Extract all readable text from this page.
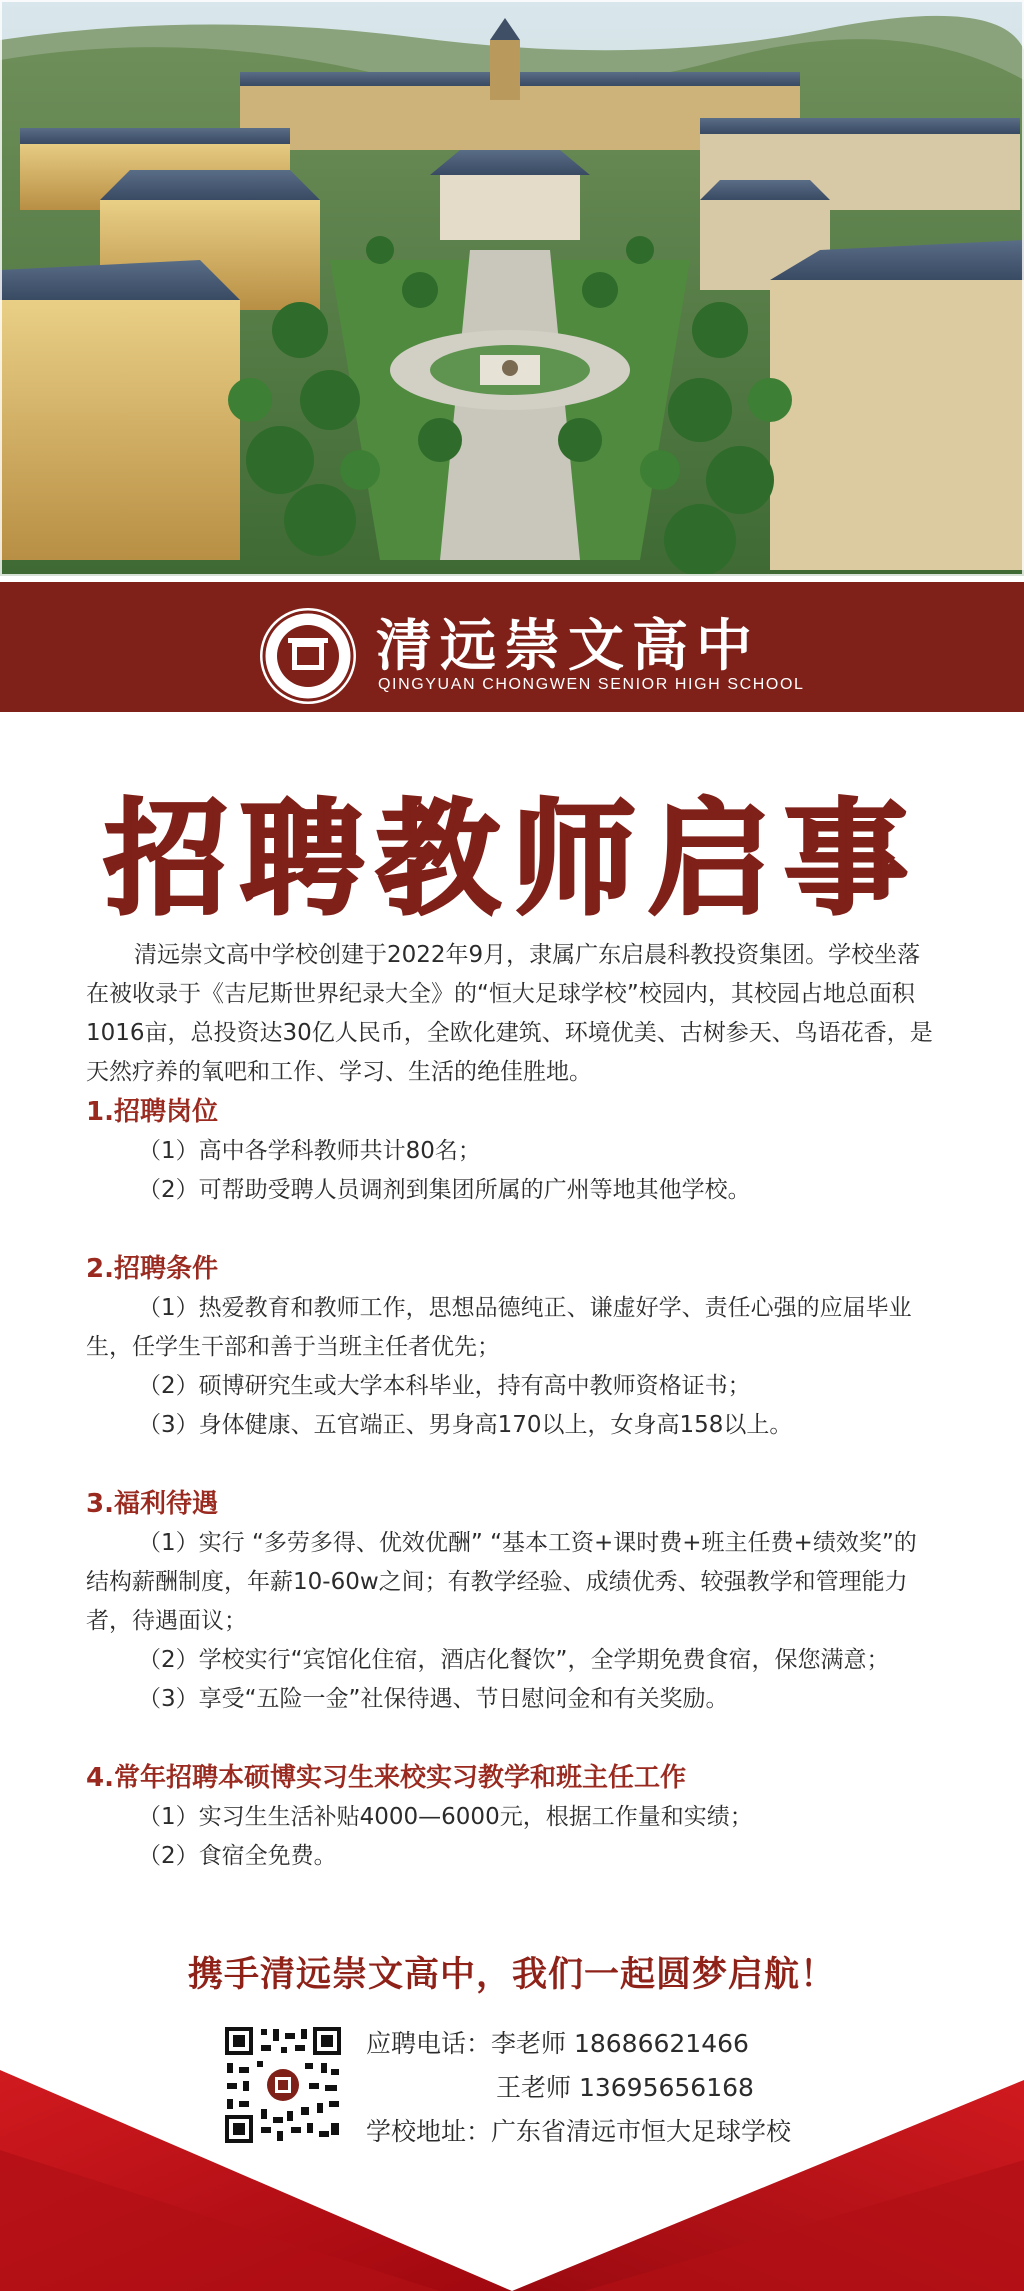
清远崇文高中
QINGYUAN CHONGWEN SENIOR HIGH SCHOOL
招聘教师启事

清远崇文高中学校创建于2022年9月，隶属广东启晨科教投资集团。学校坐落在被收录于《吉尼斯世界纪录大全》的“恒大足球学校”校园内，其校园占地总面积 1016亩，总投资达30亿人民币，全欧化建筑、环境优美、古树参天、鸟语花香，是天然疗养的氧吧和工作、学习、生活的绝佳胜地。

1.招聘岗位

（1）高中各学科教师共计80名；

（2）可帮助受聘人员调剂到集团所属的广州等地其他学校。

2.招聘条件

（1）热爱教育和教师工作，思想品德纯正、谦虚好学、责任心强的应届毕业生，任学生干部和善于当班主任者优先；

（2）硕博研究生或大学本科毕业，持有高中教师资格证书；

（3）身体健康、五官端正、男身高170以上，女身高158以上。

3.福利待遇

（1）实行 “多劳多得、优效优酬” “基本工资+课时费+班主任费+绩效奖”的结构薪酬制度，年薪10-60w之间；有教学经验、成绩优秀、较强教学和管理能力者，待遇面议；

（2）学校实行“宾馆化住宿，酒店化餐饮”，全学期免费食宿，保您满意；

（3）享受“五险一金”社保待遇、节日慰问金和有关奖励。

4.常年招聘本硕博实习生来校实习教学和班主任工作

（1）实习生生活补贴4000—6000元，根据工作量和实绩；

（2）食宿全免费。

携手清远崇文高中，我们一起圆梦启航！
应聘电话：李老师 18686621466
王老师 13695656168
学校地址：广东省清远市恒大足球学校
